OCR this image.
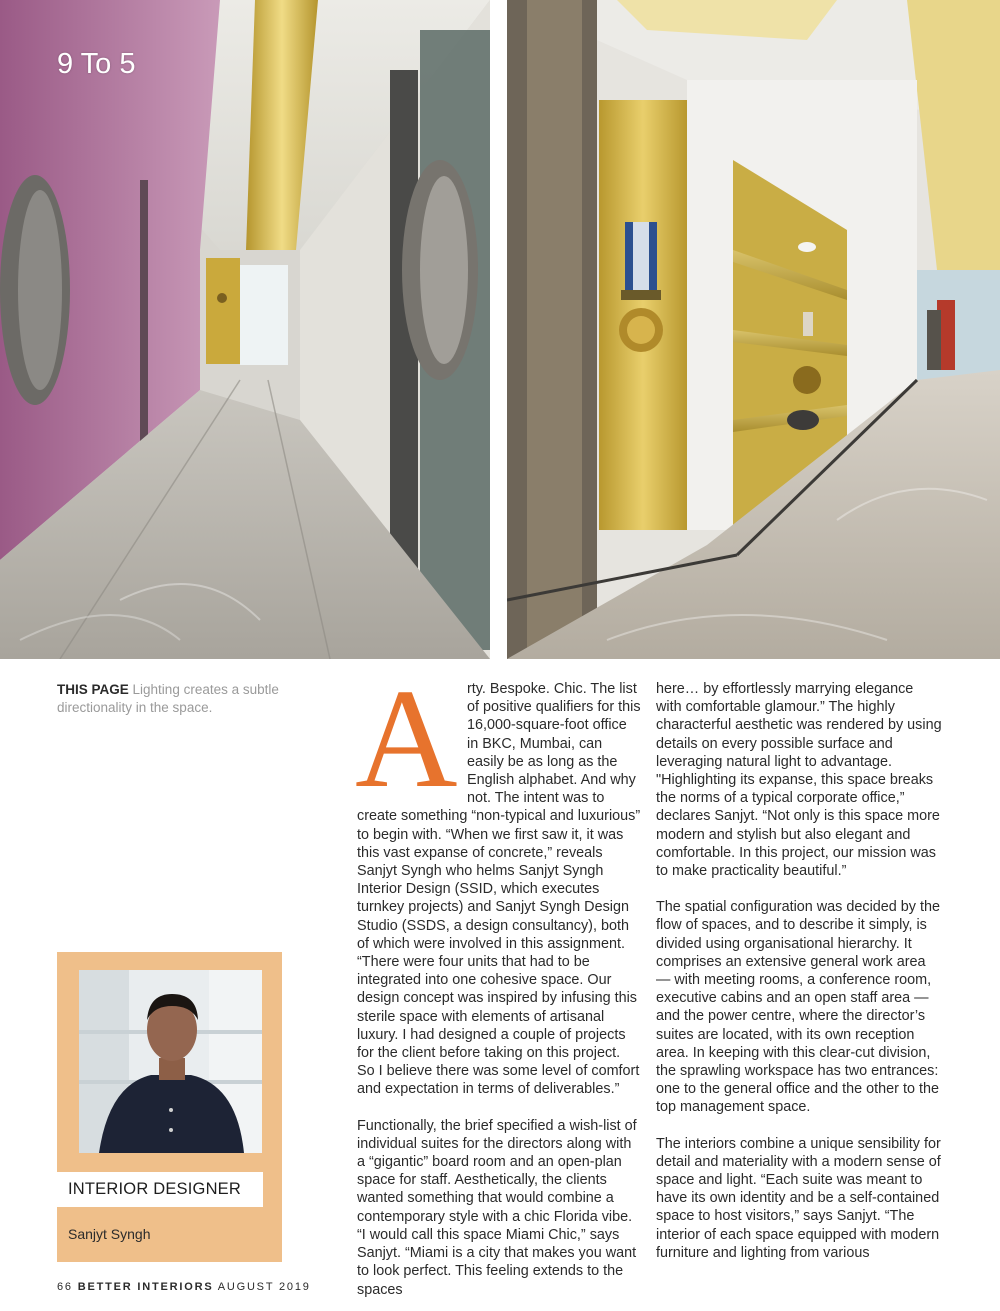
9 To 5
THIS PAGE Lighting creates a subtle directionality in the space.
Sanjyt Syngh
INTERIOR DESIGNER
A rty. Bespoke. Chic. The list of positive qualifiers for this 16,000-square-foot office in BKC, Mumbai, can easily be as long as the English alphabet. And why not. The intent was to create something “non-typical and luxurious” to begin with. “When we first saw it, it was this vast expanse of concrete,” reveals Sanjyt Syngh who helms Sanjyt Syngh Interior Design (SSID, which executes turnkey projects) and Sanjyt Syngh Design Studio (SSDS, a design consultancy), both of which were involved in this assignment. “There were four units that had to be integrated into one cohesive space. Our design concept was inspired by infusing this sterile space with elements of artisanal luxury. I had designed a couple of projects for the client before taking on this project. So I believe there was some level of comfort and expectation in terms of deliverables.”

Functionally, the brief specified a wish-list of individual suites for the directors along with a “gigantic” board room and an open-plan space for staff. Aesthetically, the clients wanted something that would combine a contemporary style with a chic Florida vibe. “I would call this space Miami Chic,” says Sanjyt. “Miami is a city that makes you want to look perfect. This feeling extends to the spaces

here… by effortlessly marrying elegance with comfortable glamour.” The highly characterful aesthetic was rendered by using details on every possible surface and leveraging natural light to advantage. "Highlighting its expanse, this space breaks the norms of a typical corporate office,” declares Sanjyt. “Not only is this space more modern and stylish but also elegant and comfortable. In this project, our mission was to make practicality beautiful.”

The spatial configuration was decided by the flow of spaces, and to describe it simply, is divided using organisational hierarchy. It comprises an extensive general work area — with meeting rooms, a conference room, executive cabins and an open staff area — and the power centre, where the director’s suites are located, with its own reception area. In keeping with this clear-cut division, the sprawling workspace has two entrances: one to the general office and the other to the top management space.

The interiors combine a unique sensibility for detail and materiality with a modern sense of space and light. “Each suite was meant to have its own identity and be a self-contained space to host visitors,” says Sanjyt. “The interior of each space equipped with modern furniture and lighting from various

66 BETTER INTERIORS AUGUST 2019
